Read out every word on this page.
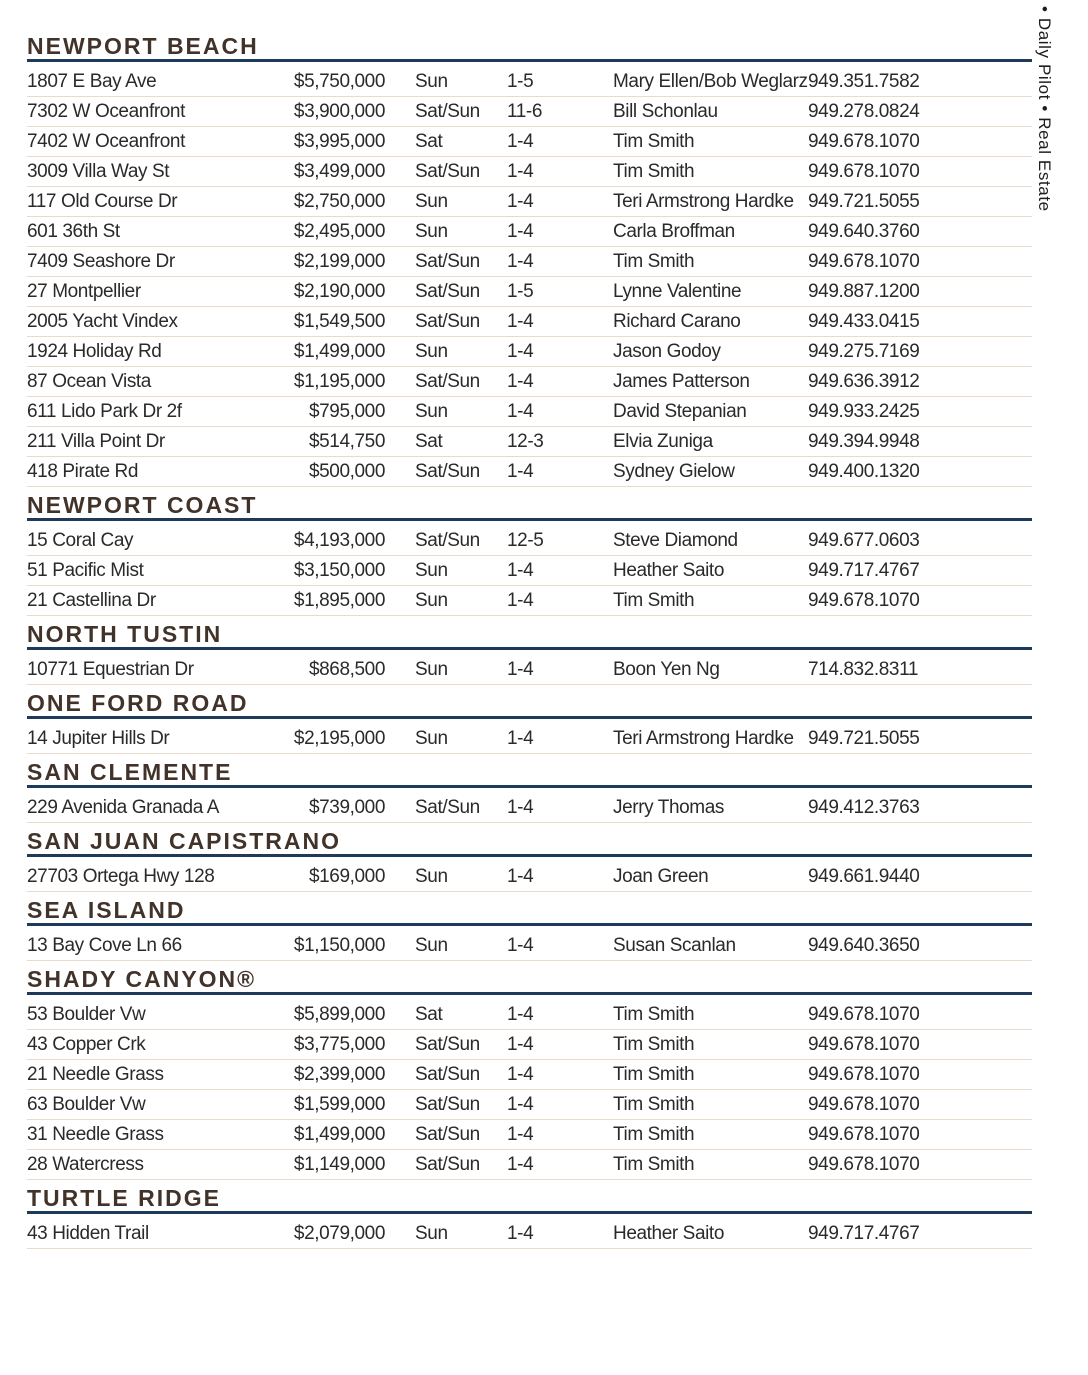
NEWPORT BEACH
1807 E Bay Ave	$5,750,000	Sun	1-5	Mary Ellen/Bob Weglarz 949.351.7582
7302 W Oceanfront	$3,900,000	Sat/Sun	11-6	Bill Schonlau	949.278.0824
7402 W Oceanfront	$3,995,000	Sat	1-4	Tim Smith	949.678.1070
3009 Villa Way St	$3,499,000	Sat/Sun	1-4	Tim Smith	949.678.1070
117 Old Course Dr	$2,750,000	Sun	1-4	Teri Armstrong Hardke 949.721.5055
601 36th St	$2,495,000	Sun	1-4	Carla Broffman	949.640.3760
7409 Seashore Dr	$2,199,000	Sat/Sun	1-4	Tim Smith	949.678.1070
27 Montpellier	$2,190,000	Sat/Sun	1-5	Lynne Valentine	949.887.1200
2005 Yacht Vindex	$1,549,500	Sat/Sun	1-4	Richard Carano	949.433.0415
1924 Holiday Rd	$1,499,000	Sun	1-4	Jason Godoy	949.275.7169
87 Ocean Vista	$1,195,000	Sat/Sun	1-4	James Patterson	949.636.3912
611 Lido Park Dr 2f	$795,000	Sun	1-4	David Stepanian	949.933.2425
211 Villa Point Dr	$514,750	Sat	12-3	Elvia Zuniga	949.394.9948
418 Pirate Rd	$500,000	Sat/Sun	1-4	Sydney Gielow	949.400.1320
NEWPORT COAST
15 Coral Cay	$4,193,000	Sat/Sun	12-5	Steve Diamond	949.677.0603
51 Pacific Mist	$3,150,000	Sun	1-4	Heather Saito	949.717.4767
21 Castellina Dr	$1,895,000	Sun	1-4	Tim Smith	949.678.1070
NORTH TUSTIN
10771 Equestrian Dr	$868,500	Sun	1-4	Boon Yen Ng	714.832.8311
ONE FORD ROAD
14 Jupiter Hills Dr	$2,195,000	Sun	1-4	Teri Armstrong Hardke 949.721.5055
SAN CLEMENTE
229 Avenida Granada A	$739,000	Sat/Sun	1-4	Jerry Thomas	949.412.3763
SAN JUAN CAPISTRANO
27703 Ortega Hwy 128	$169,000	Sun	1-4	Joan Green	949.661.9440
SEA ISLAND
13 Bay Cove Ln 66	$1,150,000	Sun	1-4	Susan Scanlan	949.640.3650
SHADY CANYON®
53 Boulder Vw	$5,899,000	Sat	1-4	Tim Smith	949.678.1070
43 Copper Crk	$3,775,000	Sat/Sun	1-4	Tim Smith	949.678.1070
21 Needle Grass	$2,399,000	Sat/Sun	1-4	Tim Smith	949.678.1070
63 Boulder Vw	$1,599,000	Sat/Sun	1-4	Tim Smith	949.678.1070
31 Needle Grass	$1,499,000	Sat/Sun	1-4	Tim Smith	949.678.1070
28 Watercress	$1,149,000	Sat/Sun	1-4	Tim Smith	949.678.1070
TURTLE RIDGE
43 Hidden Trail	$2,079,000	Sun	1-4	Heather Saito	949.717.4767
• Daily Pilot • Real Estate
